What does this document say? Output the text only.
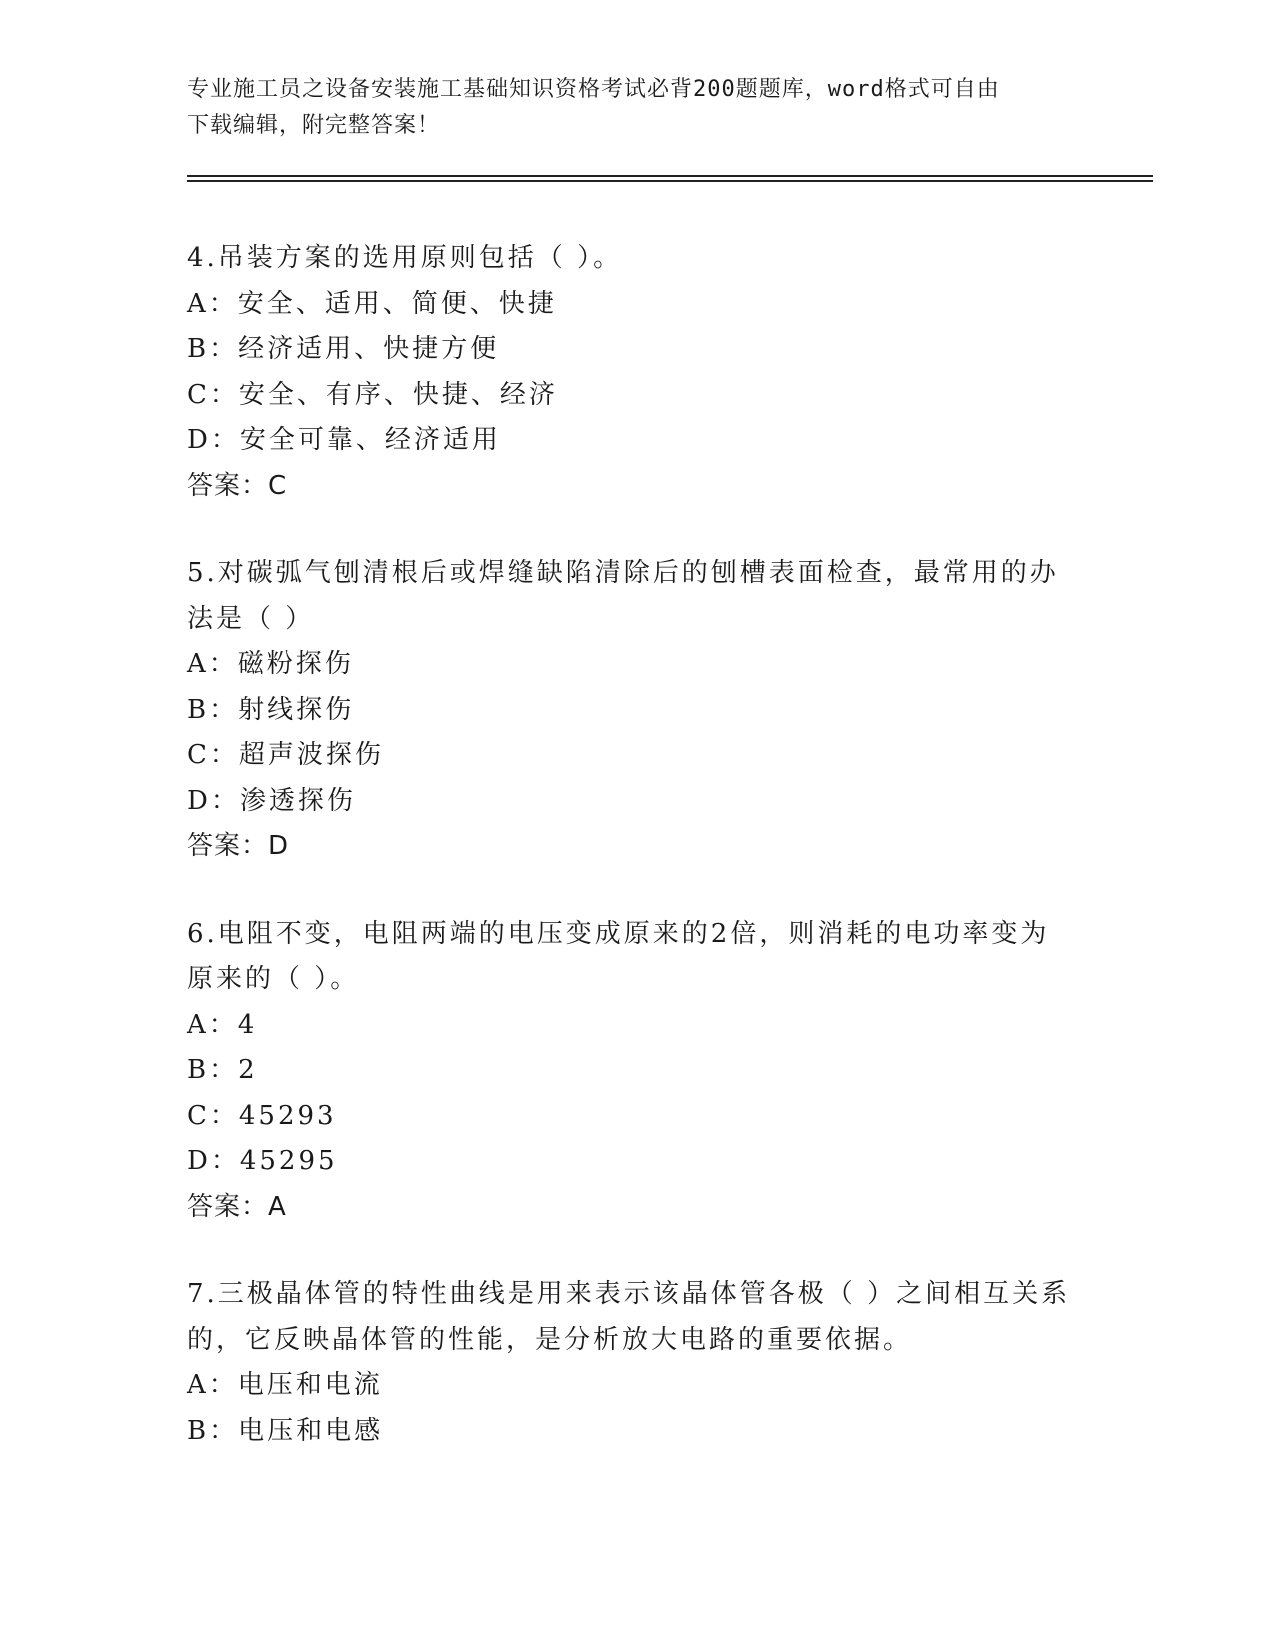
专业施工员之设备安装施工基础知识资格考试必背200题题库，word格式可自由
下载编辑，附完整答案！
4.吊装方案的选用原则包括（ ）。
A：安全、适用、简便、快捷
B：经济适用、快捷方便
C：安全、有序、快捷、经济
D：安全可靠、经济适用
答案：C
5.对碳弧气刨清根后或焊缝缺陷清除后的刨槽表面检查，最常用的办
法是（ ）
A：磁粉探伤
B：射线探伤
C：超声波探伤
D：渗透探伤
答案：D
6.电阻不变，电阻两端的电压变成原来的2倍，则消耗的电功率变为
原来的（ ）。
A：4
B：2
C：45293
D：45295
答案：A
7.三极晶体管的特性曲线是用来表示该晶体管各极（ ）之间相互关系
的，它反映晶体管的性能，是分析放大电路的重要依据。
A：电压和电流
B：电压和电感
